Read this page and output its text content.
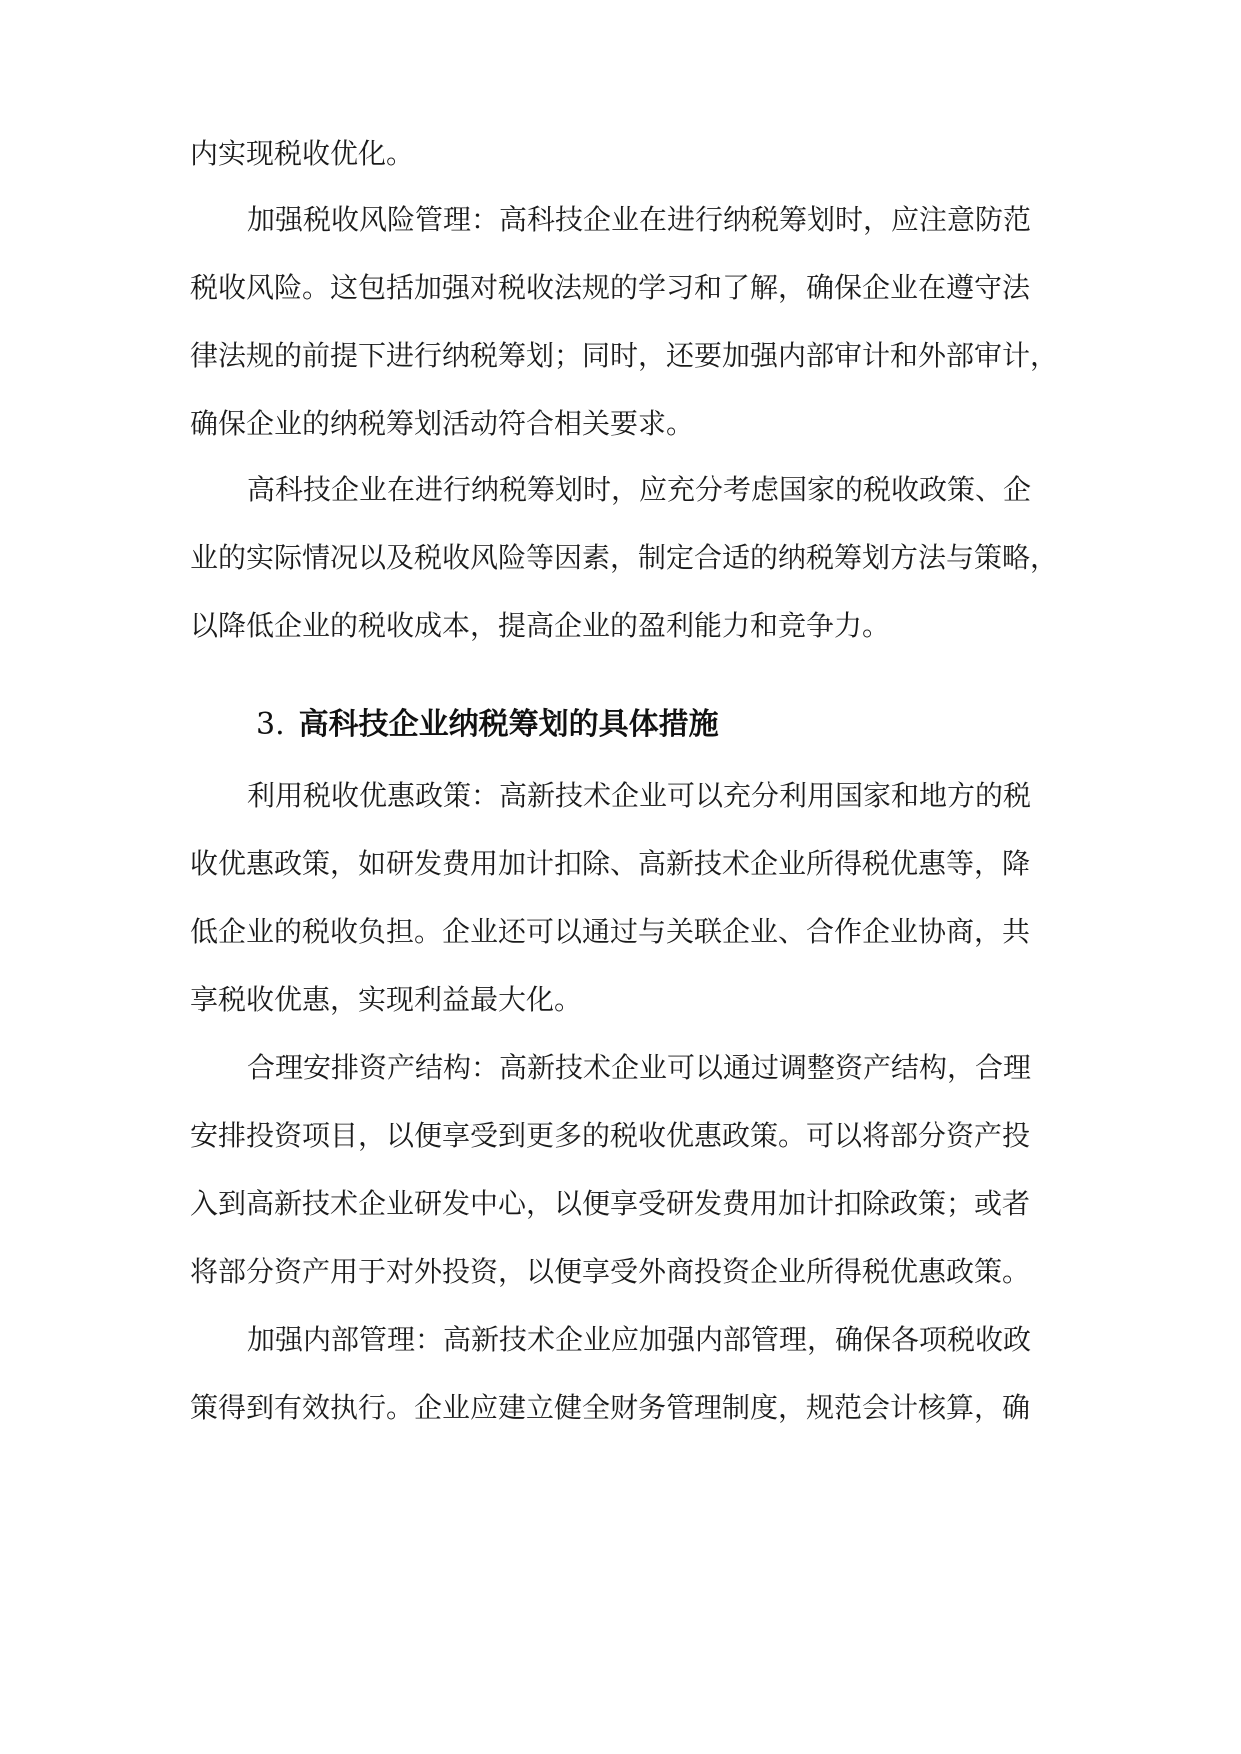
内实现税收优化。

加强税收风险管理：高科技企业在进行纳税筹划时，应注意防范

税收风险。这包括加强对税收法规的学习和了解，确保企业在遵守法

律法规的前提下进行纳税筹划；同时，还要加强内部审计和外部审计，

确保企业的纳税筹划活动符合相关要求。

高科技企业在进行纳税筹划时，应充分考虑国家的税收政策、企

业的实际情况以及税收风险等因素，制定合适的纳税筹划方法与策略，

以降低企业的税收成本，提高企业的盈利能力和竞争力。

3. 高科技企业纳税筹划的具体措施

利用税收优惠政策：高新技术企业可以充分利用国家和地方的税

收优惠政策，如研发费用加计扣除、高新技术企业所得税优惠等，降

低企业的税收负担。企业还可以通过与关联企业、合作企业协商，共

享税收优惠，实现利益最大化。

合理安排资产结构：高新技术企业可以通过调整资产结构，合理

安排投资项目，以便享受到更多的税收优惠政策。可以将部分资产投

入到高新技术企业研发中心，以便享受研发费用加计扣除政策；或者

将部分资产用于对外投资，以便享受外商投资企业所得税优惠政策。

加强内部管理：高新技术企业应加强内部管理，确保各项税收政

策得到有效执行。企业应建立健全财务管理制度，规范会计核算，确
